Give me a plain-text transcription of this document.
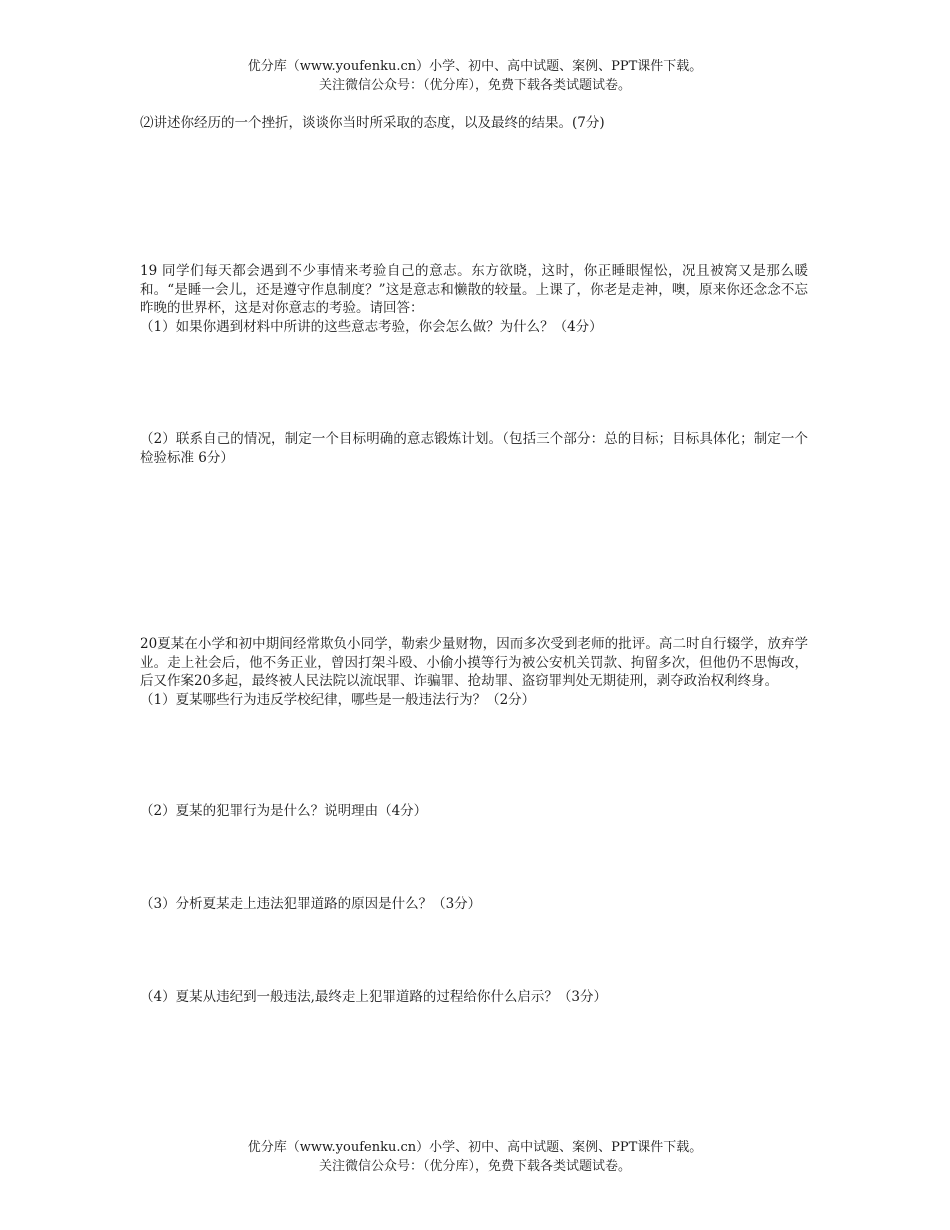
优分库（www.youfenku.cn）小学、初中、高中试题、案例、PPT课件下载。
关注微信公众号：（优分库），免费下载各类试题试卷。

⑵讲述你经历的一个挫折，谈谈你当时所采取的态度，以及最终的结果。(7分)

19 同学们每天都会遇到不少事情来考验自己的意志。东方欲晓，这时，你正睡眼惺忪，况且被窝又是那么暖和。“是睡一会儿，还是遵守作息制度？”这是意志和懒散的较量。上课了，你老是走神，噢，原来你还念念不忘昨晚的世界杯，这是对你意志的考验。请回答：

（1）如果你遇到材料中所讲的这些意志考验，你会怎么做？为什么？（4分）

（2）联系自己的情况，制定一个目标明确的意志锻炼计划。（包括三个部分：总的目标；目标具体化；制定一个检验标准 6分）

20夏某在小学和初中期间经常欺负小同学，勒索少量财物，因而多次受到老师的批评。高二时自行辍学，放弃学业。走上社会后，他不务正业，曾因打架斗殴、小偷小摸等行为被公安机关罚款、拘留多次，但他仍不思悔改，后又作案20多起，最终被人民法院以流氓罪、诈骗罪、抢劫罪、盗窃罪判处无期徒刑，剥夺政治权利终身。

（1）夏某哪些行为违反学校纪律，哪些是一般违法行为？（2分）

（2）夏某的犯罪行为是什么？说明理由（4分）

（3）分析夏某走上违法犯罪道路的原因是什么？（3分）

（4）夏某从违纪到一般违法,最终走上犯罪道路的过程给你什么启示？（3分）

优分库（www.youfenku.cn）小学、初中、高中试题、案例、PPT课件下载。
关注微信公众号：（优分库），免费下载各类试题试卷。
